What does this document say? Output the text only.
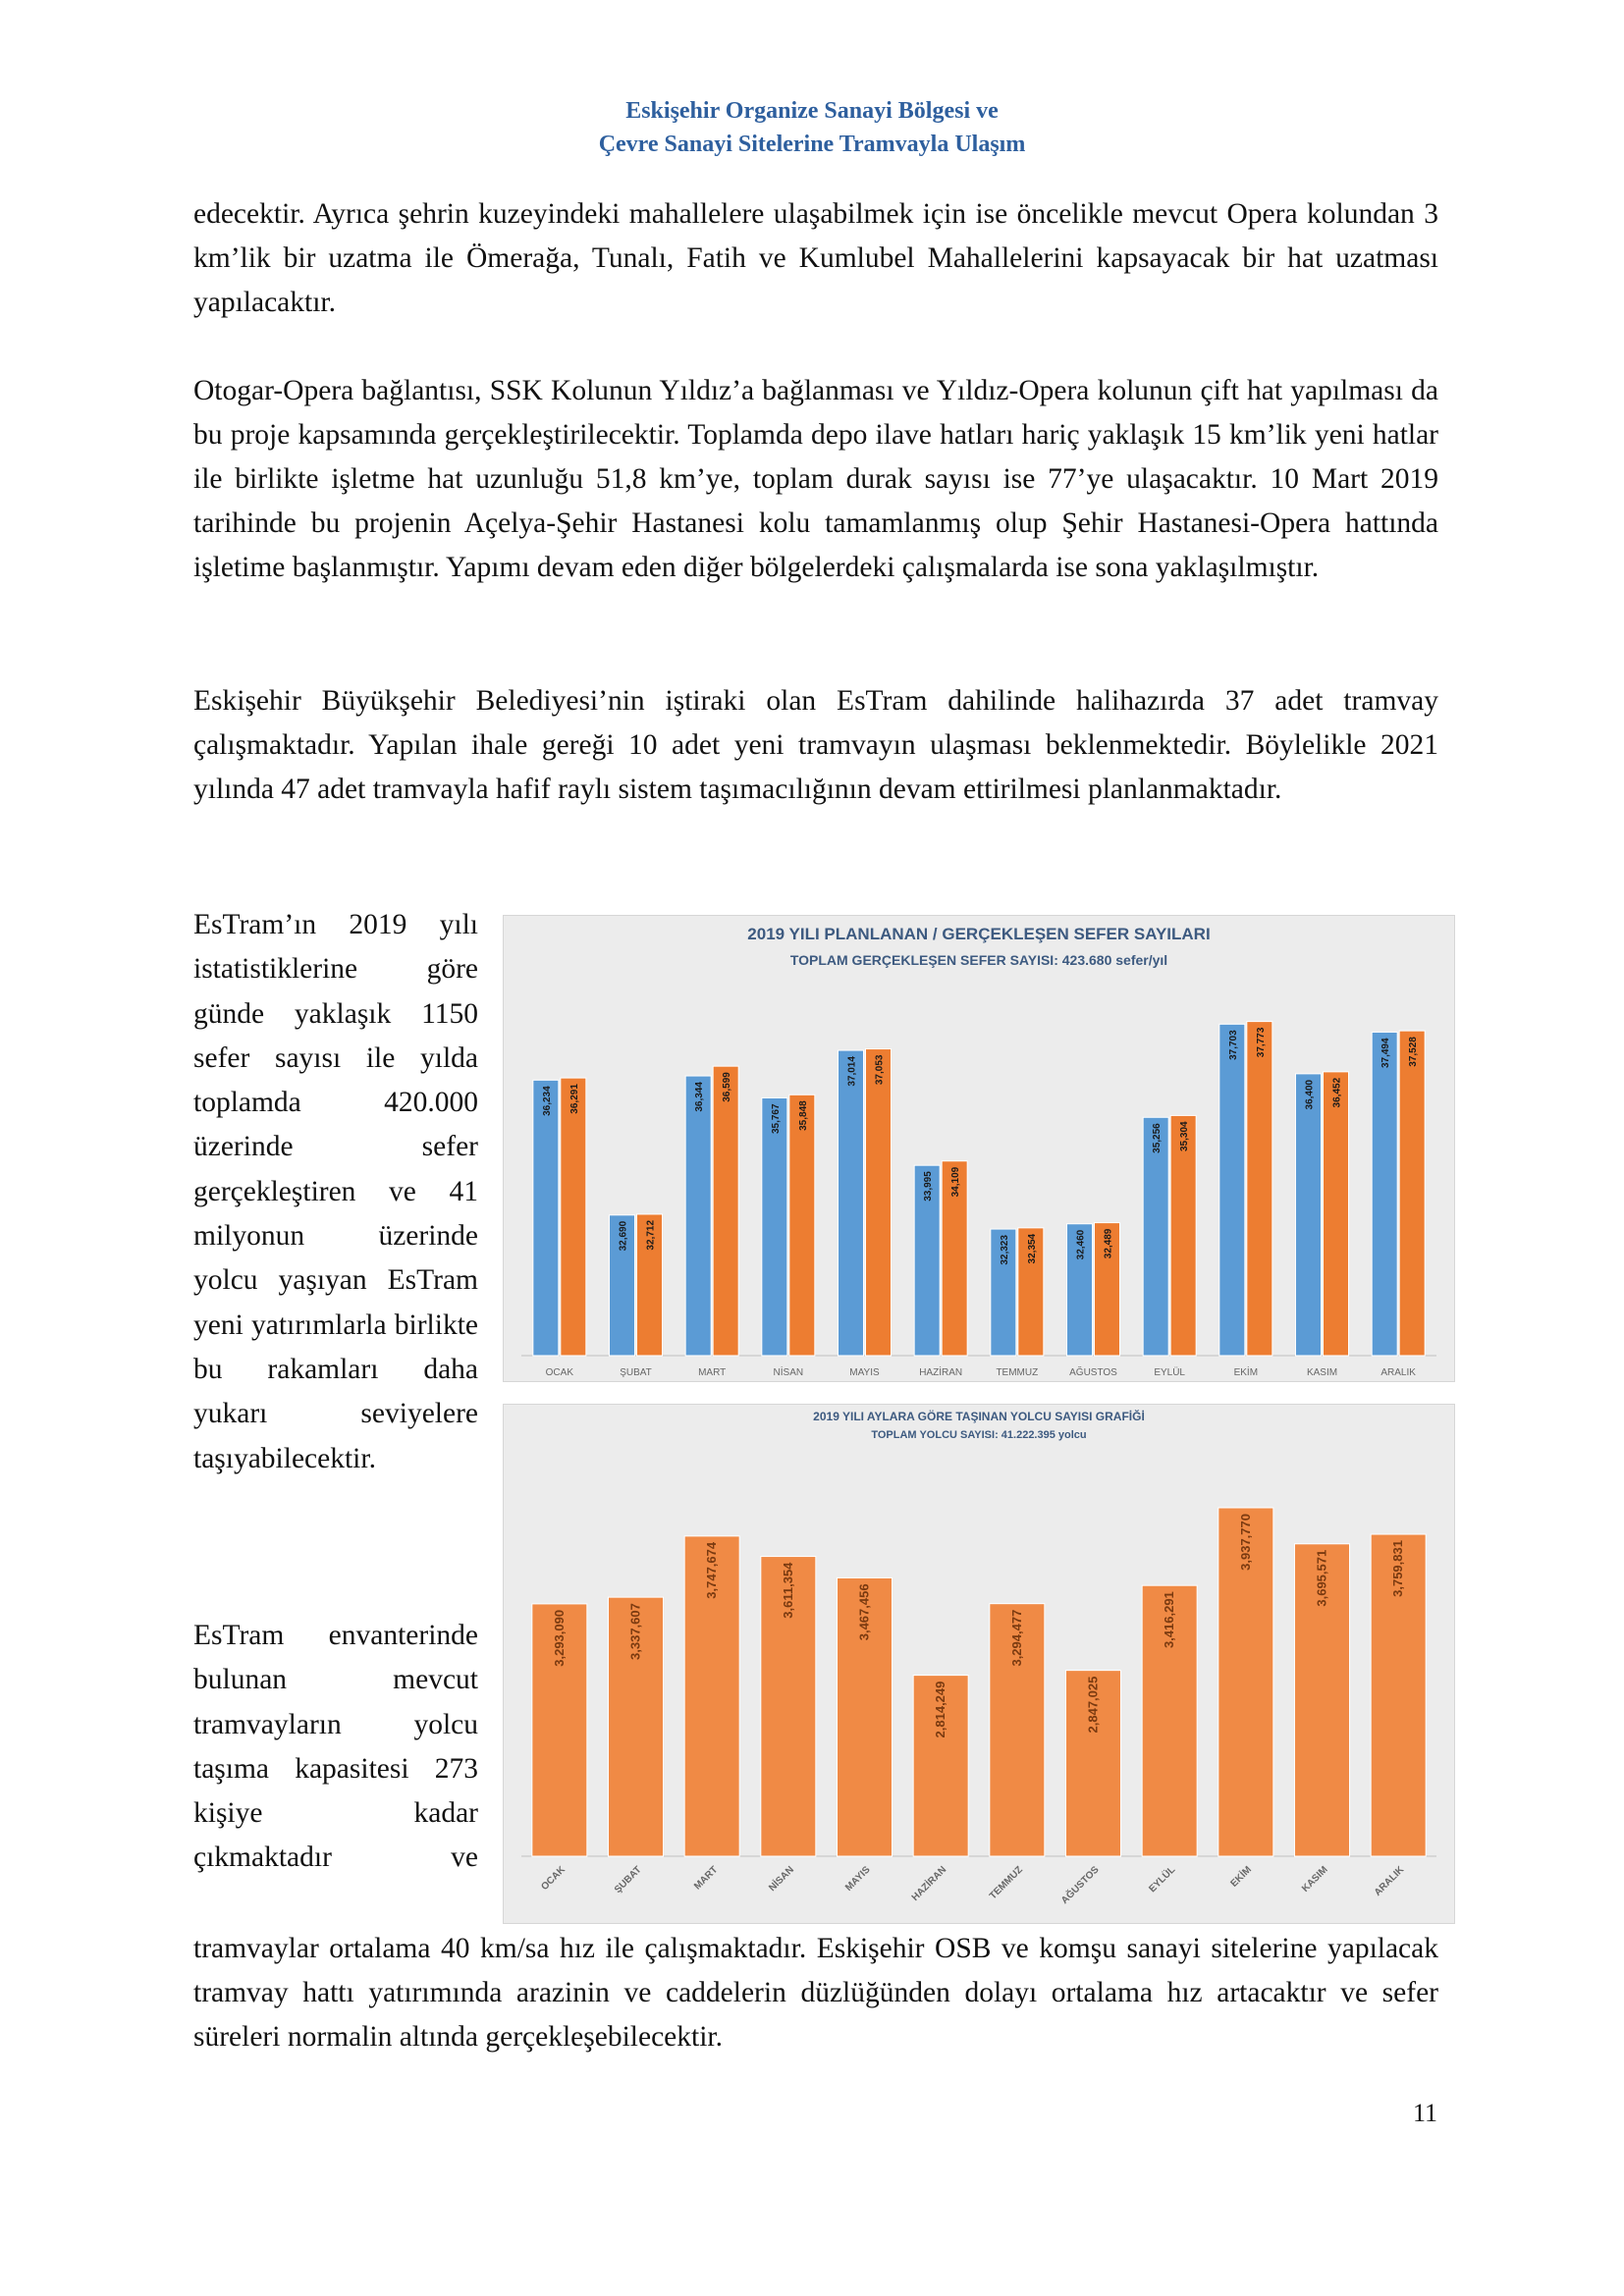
Eskişehir Organize Sanayi Bölgesi ve
Çevre Sanayi Sitelerine Tramvayla Ulaşım

edecektir. Ayrıca şehrin kuzeyindeki mahallelere ulaşabilmek için ise öncelikle mevcut Opera kolundan 3 km’lik bir uzatma ile Ömerağa, Tunalı, Fatih ve Kumlubel Mahallelerini kapsayacak bir hat uzatması yapılacaktır.

Otogar-Opera bağlantısı, SSK Kolunun Yıldız’a bağlanması ve Yıldız-Opera kolunun çift hat yapılması da bu proje kapsamında gerçekleştirilecektir. Toplamda depo ilave hatları hariç yaklaşık 15 km’lik yeni hatlar ile birlikte işletme hat uzunluğu 51,8 km’ye, toplam durak sayısı ise 77’ye ulaşacaktır. 10 Mart 2019 tarihinde bu projenin Açelya-Şehir Hastanesi kolu tamamlanmış olup Şehir Hastanesi-Opera hattında işletime başlanmıştır. Yapımı devam eden diğer bölgelerdeki çalışmalarda ise sona yaklaşılmıştır.

Eskişehir Büyükşehir Belediyesi’nin iştiraki olan EsTram dahilinde halihazırda 37 adet tramvay çalışmaktadır. Yapılan ihale gereği 10 adet yeni tramvayın ulaşması beklenmektedir. Böylelikle 2021 yılında 47 adet tramvayla hafif raylı sistem taşımacılığının devam ettirilmesi planlanmaktadır.

EsTram’ın 2019 yılı istatistiklerine göre günde yaklaşık 1150 sefer sayısı ile yılda toplamda 420.000 üzerinde sefer gerçekleştiren ve 41 milyonun üzerinde yolcu yaşıyan EsTram yeni yatırımlarla birlikte bu rakamları daha yukarı seviyelere taşıyabilecektir.

EsTram envanterinde bulunan mevcut tramvayların yolcu taşıma kapasitesi 273 kişiye kadar çıkmaktadır ve

2019 YILI PLANLANAN / GERÇEKLEŞEN SEFER SAYILARI
TOPLAM GERÇEKLEŞEN SEFER SAYISI: 423.680 sefer/yıl
36,234 36,291
OCAK
32,690 32,712
ŞUBAT
36,344 36,599
MART
35,767 35,848
NİSAN
37,014 37,053
MAYIS
33,995 34,109
HAZİRAN
32,323 32,354
TEMMUZ
32,460 32,489
AĞUSTOS
35,256 35,304
EYLÜL
37,703 37,773
EKİM
36,400 36,452
KASIM
37,494 37,528
ARALIK
2019 YILI AYLARA GÖRE TAŞINAN YOLCU SAYISI GRAFİĞİ
TOPLAM YOLCU SAYISI: 41.222.395 yolcu
3,293,090
OCAK
3,337,607
ŞUBAT
3,747,674
MART
3,611,354
NİSAN
3,467,456
MAYIS
2,814,249
HAZİRAN
3,294,477
TEMMUZ
2,847,025
AĞUSTOS
3,416,291
EYLÜL
3,937,770
EKİM
3,695,571
KASIM
3,759,831
ARALIK

tramvaylar ortalama 40 km/sa hız ile çalışmaktadır. Eskişehir OSB ve komşu sanayi sitelerine yapılacak tramvay hattı yatırımında arazinin ve caddelerin düzlüğünden dolayı ortalama hız artacaktır ve sefer süreleri normalin altında gerçekleşebilecektir.

11
